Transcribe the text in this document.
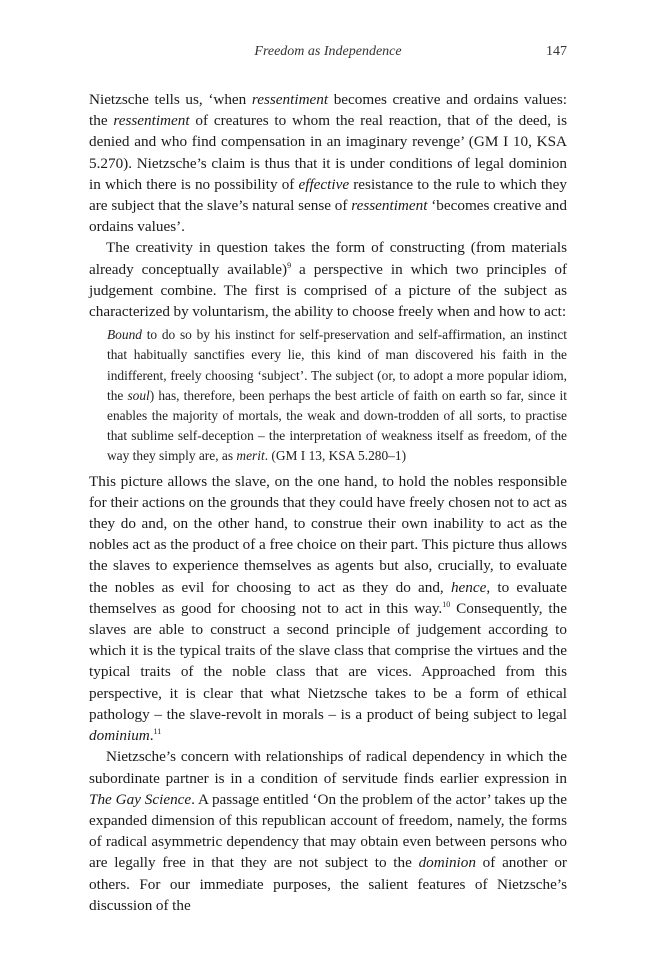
Freedom as Independence	147

Nietzsche tells us, ‘when ressentiment becomes creative and ordains values: the ressentiment of creatures to whom the real reaction, that of the deed, is denied and who find compensation in an imaginary revenge’ (GM I 10, KSA 5.270). Nietzsche’s claim is thus that it is under conditions of legal dominion in which there is no possibility of effective resistance to the rule to which they are subject that the slave’s natural sense of ressentiment ‘becomes creative and ordains values’.

The creativity in question takes the form of constructing (from materials already conceptually available)$^9$ a perspective in which two principles of judgement combine. The first is comprised of a picture of the subject as characterized by voluntarism, the ability to choose freely when and how to act:

Bound to do so by his instinct for self-preservation and self-affirmation, an instinct that habitually sanctifies every lie, this kind of man discovered his faith in the indifferent, freely choosing ‘subject’. The subject (or, to adopt a more popular idiom, the soul) has, therefore, been perhaps the best article of faith on earth so far, since it enables the majority of mortals, the weak and down-trodden of all sorts, to practise that sublime self-deception – the interpretation of weakness itself as freedom, of the way they simply are, as merit. (GM I 13, KSA 5.280–1)

This picture allows the slave, on the one hand, to hold the nobles responsible for their actions on the grounds that they could have freely chosen not to act as they do and, on the other hand, to construe their own inability to act as the nobles act as the product of a free choice on their part. This picture thus allows the slaves to experience themselves as agents but also, crucially, to evaluate the nobles as evil for choosing to act as they do and, hence, to evaluate themselves as good for choosing not to act in this way.$^{10}$ Consequently, the slaves are able to construct a second principle of judgement according to which it is the typical traits of the slave class that comprise the virtues and the typical traits of the noble class that are vices. Approached from this perspective, it is clear that what Nietzsche takes to be a form of ethical pathology – the slave-revolt in morals – is a product of being subject to legal dominium.$^{11}$

Nietzsche’s concern with relationships of radical dependency in which the subordinate partner is in a condition of servitude finds earlier expression in The Gay Science. A passage entitled ‘On the problem of the actor’ takes up the expanded dimension of this republican account of freedom, namely, the forms of radical asymmetric dependency that may obtain even between persons who are legally free in that they are not subject to the dominion of another or others. For our immediate purposes, the salient features of Nietzsche’s discussion of the
